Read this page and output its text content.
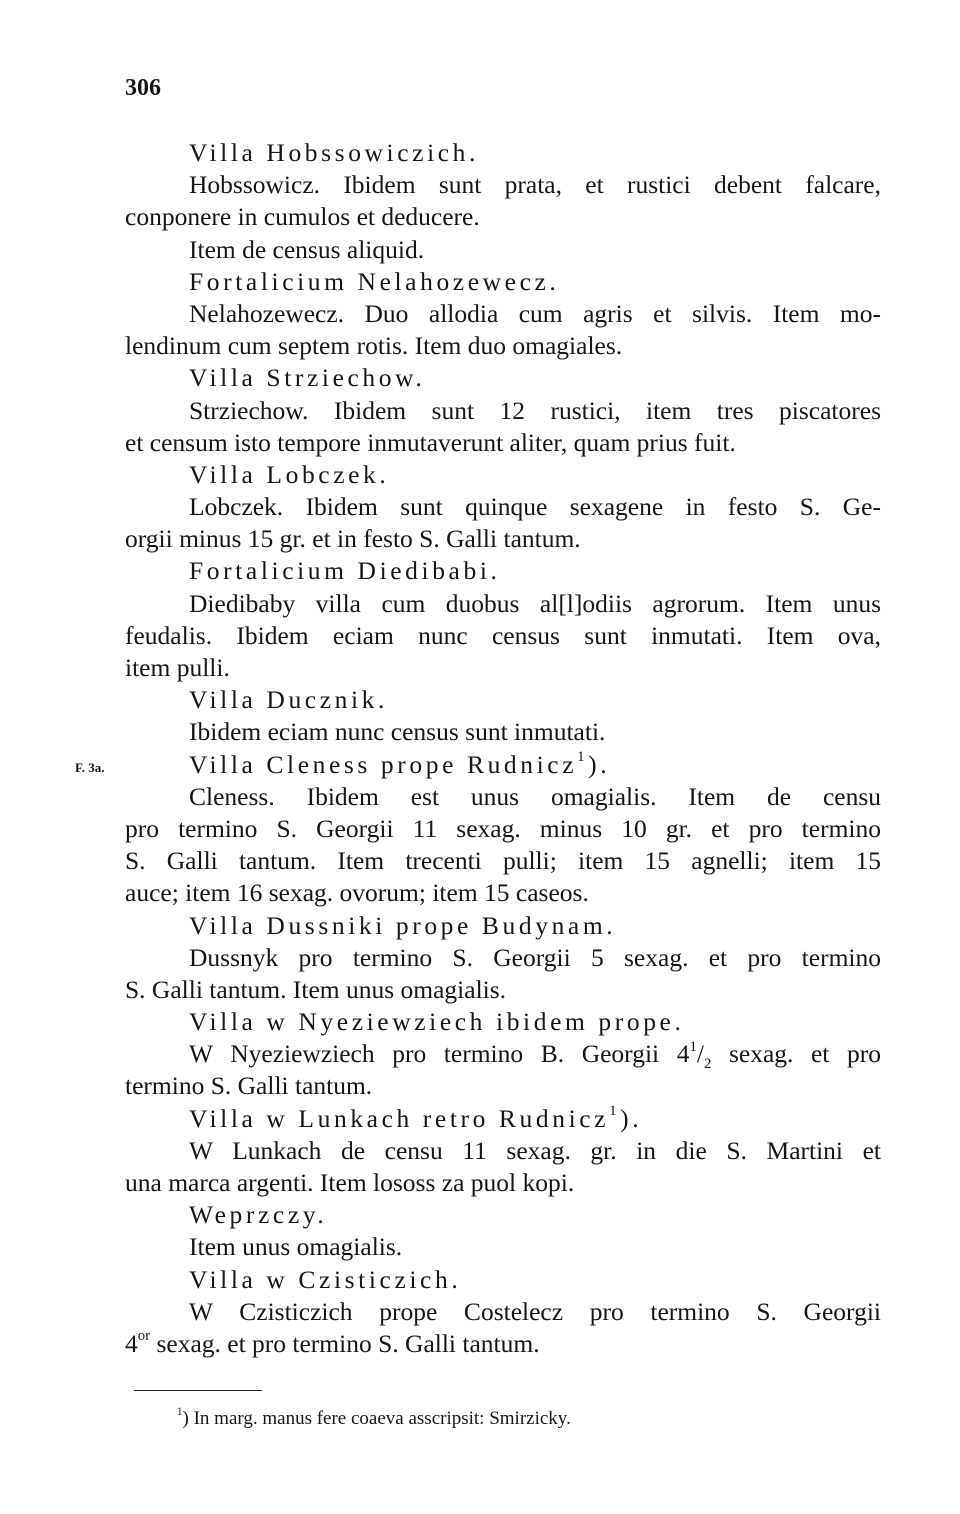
306
F. 3a.
Villa Hobssowiczich.
Hobssowicz. Ibidem sunt prata, et rustici debent falcare,
conponere in cumulos et deducere.
Item de census aliquid.
Fortalicium Nelahozewecz.
Nelahozewecz. Duo allodia cum agris et silvis. Item mo-
lendinum cum septem rotis. Item duo omagiales.
Villa Strziechow.
Strziechow. Ibidem sunt 12 rustici, item tres piscatores
et censum isto tempore inmutaverunt aliter, quam prius fuit.
Villa Lobczek.
Lobczek. Ibidem sunt quinque sexagene in festo S. Ge-
orgii minus 15 gr. et in festo S. Galli tantum.
Fortalicium Diedibabi.
Diedibaby villa cum duobus al[l]odiis agrorum. Item unus
feudalis. Ibidem eciam nunc census sunt inmutati. Item ova,
item pulli.
Villa Ducznik.
Ibidem eciam nunc census sunt inmutati.
Villa Cleness prope Rudnicz$^1$).
Cleness. Ibidem est unus omagialis. Item de censu
pro termino S. Georgii 11 sexag. minus 10 gr. et pro termino
S. Galli tantum. Item trecenti pulli; item 15 agnelli; item 15
auce; item 16 sexag. ovorum; item 15 caseos.
Villa Dussniki prope Budynam.
Dussnyk pro termino S. Georgii 5 sexag. et pro termino
S. Galli tantum. Item unus omagialis.
Villa w Nyeziewziech ibidem prope.
W Nyeziewziech pro termino B. Georgii $4^1/_2$ sexag. et pro
termino S. Galli tantum.
Villa w Lunkach retro Rudnicz$^1$).
W Lunkach de censu 11 sexag. gr. in die S. Martini et
una marca argenti. Item lososs za puol kopi.
Weprzczy.
Item unus omagialis.
Villa w Czisticzich.
W Czisticzich prope Costelecz pro termino S. Georgii
$4^{or}$ sexag. et pro termino S. Galli tantum.
$^1$) In marg. manus fere coaeva asscripsit: Smirzicky.
